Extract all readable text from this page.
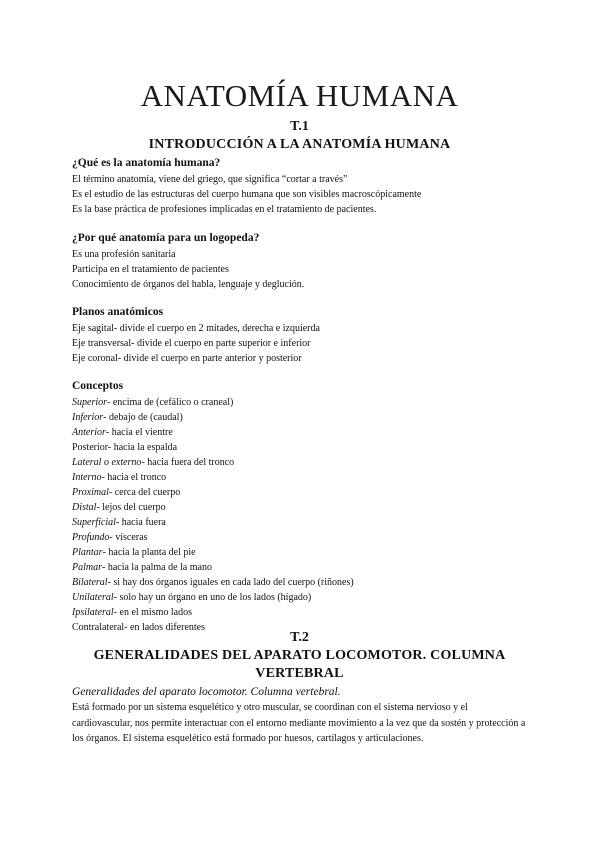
ANATOMÍA HUMANA
T.1
INTRODUCCIÓN A LA ANATOMÍA HUMANA
¿Qué es la anatomía humana?
El término anatomía, viene del griego, que significa “cortar a través”
Es el estudio de las estructuras del cuerpo humana que son visibles macroscópicamente
Es la base práctica de profesiones implicadas en el tratamiento de pacientes.
¿Por qué anatomía para un logopeda?
Es una profesión sanitaria
Participa en el tratamiento de pacientes
Conocimiento de órganos del habla, lenguaje y deglución.
Planos anatómicos
Eje sagital- divide el cuerpo en 2 mitades, derecha e izquierda
Eje transversal- divide el cuerpo en parte superior e inferior
Eje coronal- divide el cuerpo en parte anterior y posterior
Conceptos
Superior- encima de (cefálico o craneal)
Inferior- debajo de (caudal)
Anterior- hacia el vientre
Posterior- hacia la espalda
Lateral o externo- hacia fuera del tronco
Interno- hacia el tronco
Proximal- cerca del cuerpo
Distal- lejos del cuerpo
Superficial- hacia fuera
Profundo- vísceras
Plantar- hacia la planta del pie
Palmar- hacia la palma de la mano
Bilateral- si hay dos órganos iguales en cada lado del cuerpo (riñones)
Unilateral- solo hay un órgano en uno de los lados (hígado)
Ipsilateral- en el mismo lados
Contralateral- en lados diferentes
T.2
GENERALIDADES DEL APARATO LOCOMOTOR. COLUMNA
VERTEBRAL
Generalidades del aparato locomotor. Columna vertebral.
Está formado por un sistema esquelético y otro muscular, se coordinan con el sistema nervioso y el cardiovascular, nos permite interactuar con el entorno mediante movimiento a la vez que da sostén y protección a los órganos. El sistema esquelético está formado por huesos, cartílagos y articulaciones.
